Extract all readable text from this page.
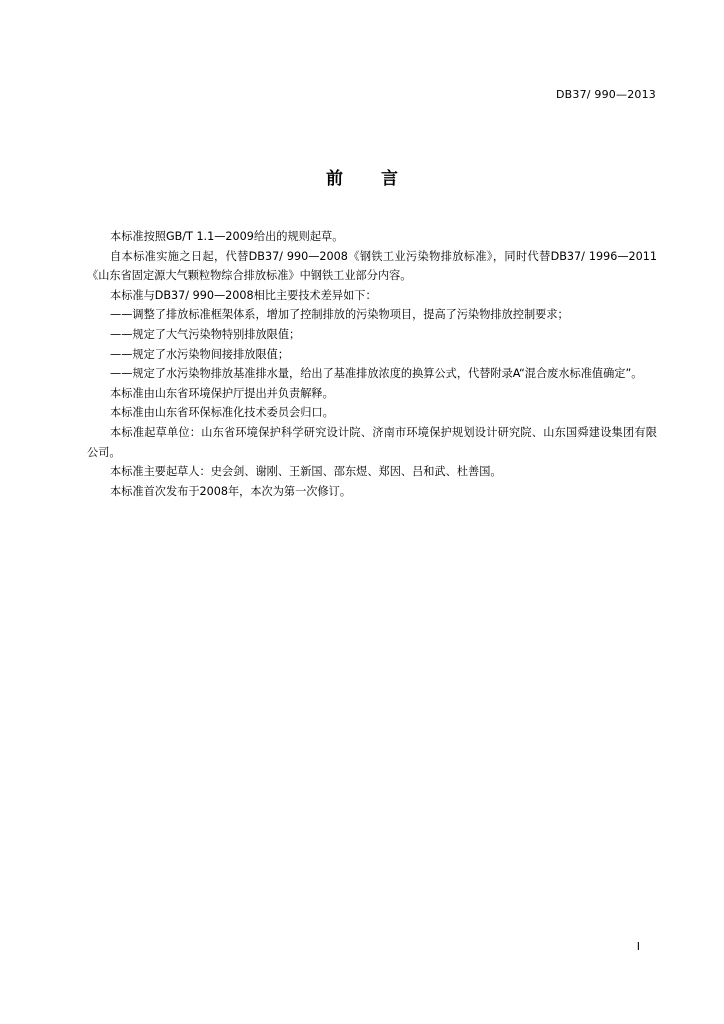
DB37/ 990—2013
前言

本标准按照GB/T 1.1—2009给出的规则起草。

自本标准实施之日起，代替DB37/ 990—2008《钢铁工业污染物排放标准》，同时代替DB37/ 1996—2011《山东省固定源大气颗粒物综合排放标准》中钢铁工业部分内容。

本标准与DB37/ 990—2008相比主要技术差异如下：

——调整了排放标准框架体系，增加了控制排放的污染物项目，提高了污染物排放控制要求；

——规定了大气污染物特别排放限值；

——规定了水污染物间接排放限值；

——规定了水污染物排放基准排水量，给出了基准排放浓度的换算公式，代替附录A“混合废水标准值确定”。

本标准由山东省环境保护厅提出并负责解释。

本标准由山东省环保标准化技术委员会归口。

本标准起草单位：山东省环境保护科学研究设计院、济南市环境保护规划设计研究院、山东国舜建设集团有限公司。

本标准主要起草人：史会剑、谢刚、王新国、邵东煜、郑因、吕和武、杜善国。

本标准首次发布于2008年，本次为第一次修订。

I
